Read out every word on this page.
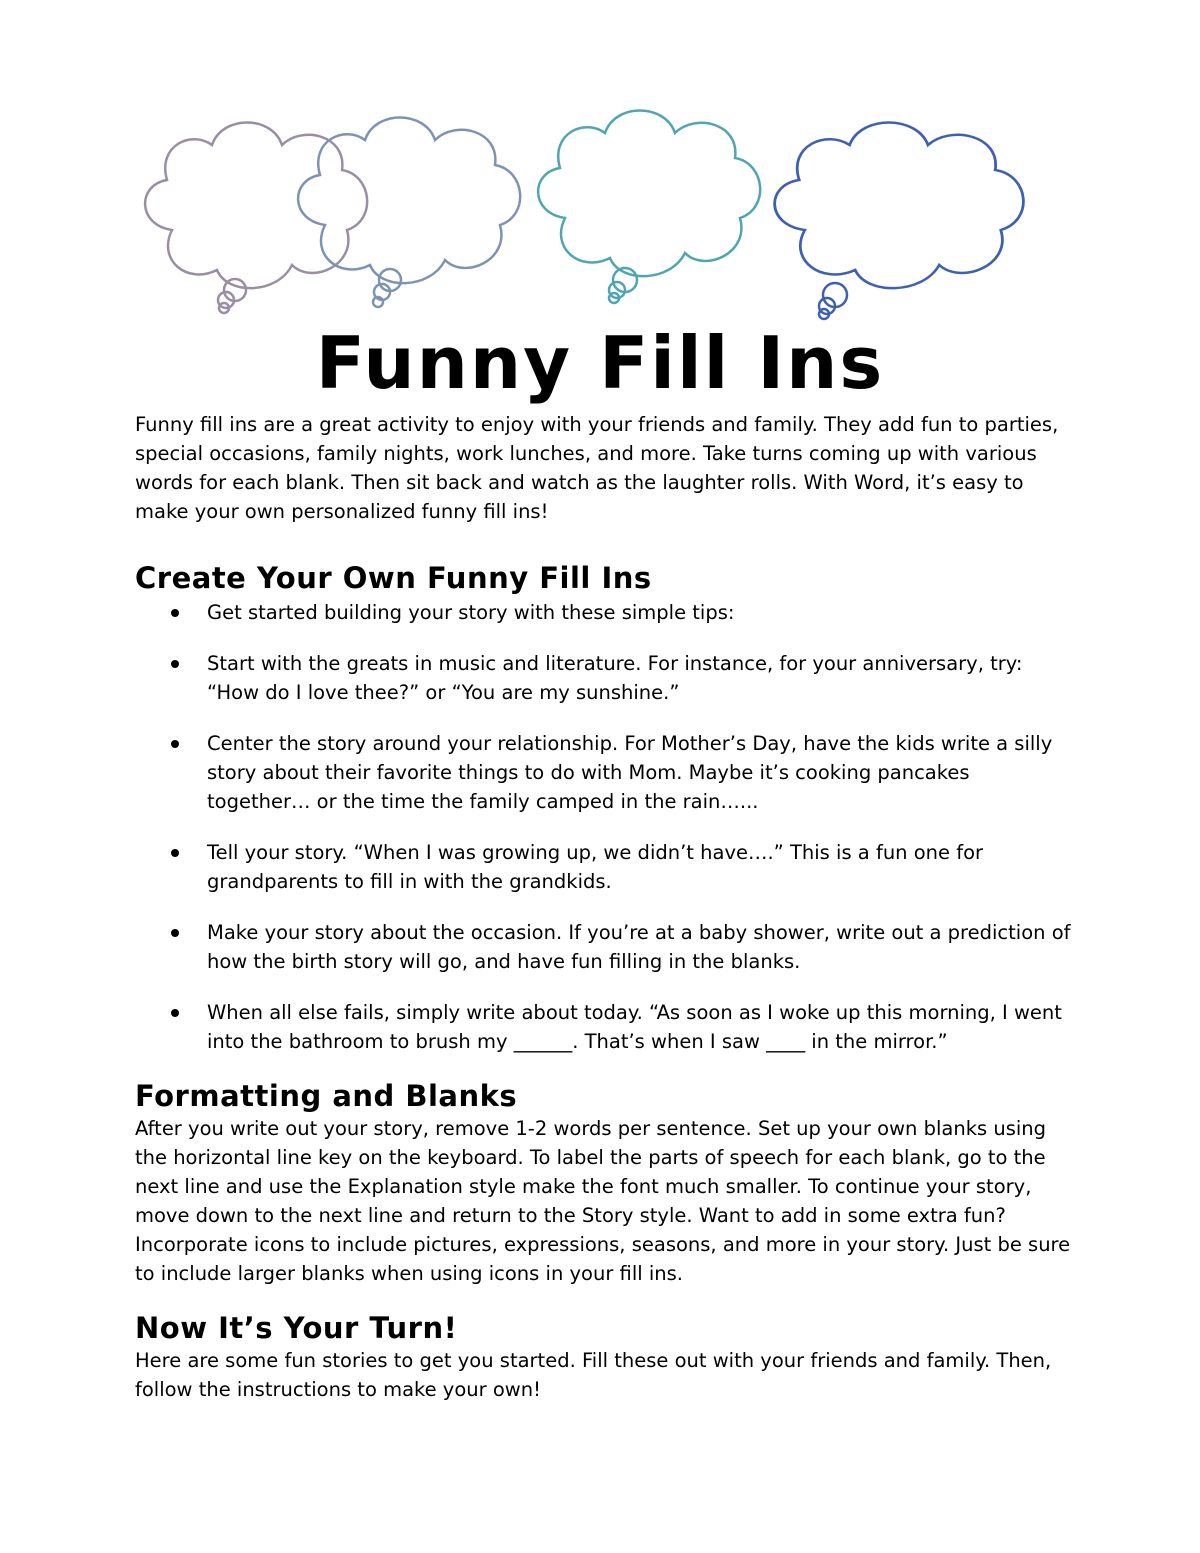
Funny Fill Ins

Funny fill ins are a great activity to enjoy with your friends and family. They add fun to parties, special occasions, family nights, work lunches, and more. Take turns coming up with various words for each blank. Then sit back and watch as the laughter rolls. With Word, it’s easy to make your own personalized funny fill ins!

Create Your Own Funny Fill Ins
Get started building your story with these simple tips:
Start with the greats in music and literature. For instance, for your anniversary, try: “How do I love thee?” or “You are my sunshine.”
Center the story around your relationship. For Mother’s Day, have the kids write a silly story about their favorite things to do with Mom. Maybe it’s cooking pancakes together… or the time the family camped in the rain…...
Tell your story. “When I was growing up, we didn’t have….” This is a fun one for grandparents to fill in with the grandkids.
Make your story about the occasion. If you’re at a baby shower, write out a prediction of how the birth story will go, and have fun filling in the blanks.
When all else fails, simply write about today. “As soon as I woke up this morning, I went into the bathroom to brush my ______. That’s when I saw ____ in the mirror.”
Formatting and Blanks

After you write out your story, remove 1-2 words per sentence. Set up your own blanks using the horizontal line key on the keyboard. To label the parts of speech for each blank, go to the next line and use the Explanation style make the font much smaller. To continue your story, move down to the next line and return to the Story style. Want to add in some extra fun? Incorporate icons to include pictures, expressions, seasons, and more in your story. Just be sure to include larger blanks when using icons in your fill ins.

Now It’s Your Turn!

Here are some fun stories to get you started. Fill these out with your friends and family. Then, follow the instructions to make your own!
